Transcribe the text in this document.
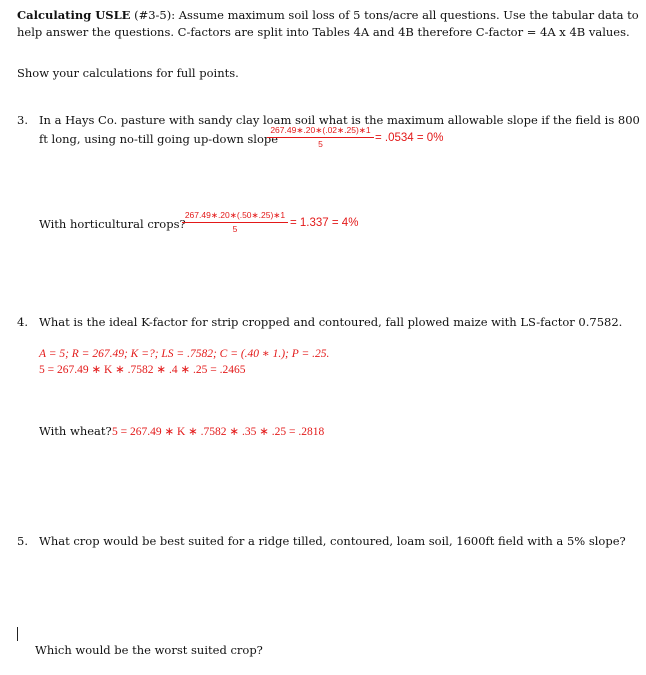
Calculating USLE (#3-5): Assume maximum soil loss of 5 tons/acre all questions. Use the tabular data to
help answer the questions. C-factors are split into Tables 4A and 4B therefore C-factor = 4A x 4B values.
Show your calculations for full points.
3. In a Hays Co. pasture with sandy clay loam soil what is the maximum allowable slope if the field is 800
ft long, using no-till going up-down slope
267.49∗.20∗(.02∗.25)∗1
5	= .0534 = 0%
With horticultural crops?
267.49∗.20∗(.50∗.25)∗1
5	= 1.337 = 4%
4. What is the ideal K-factor for strip cropped and contoured, fall plowed maize with LS-factor 0.7582.
A = 5; R = 267.49; K =?; LS = .7582; C = (.40 ∗ 1.); P = .25.
5 = 267.49 ∗ K ∗ .7582 ∗ .4 ∗ .25 = .2465
With wheat? 5 = 267.49 ∗ K ∗ .7582 ∗ .35 ∗ .25 = .2818
5. What crop would be best suited for a ridge tilled, contoured, loam soil, 1600ft field with a 5% slope?
Which would be the worst suited crop?
